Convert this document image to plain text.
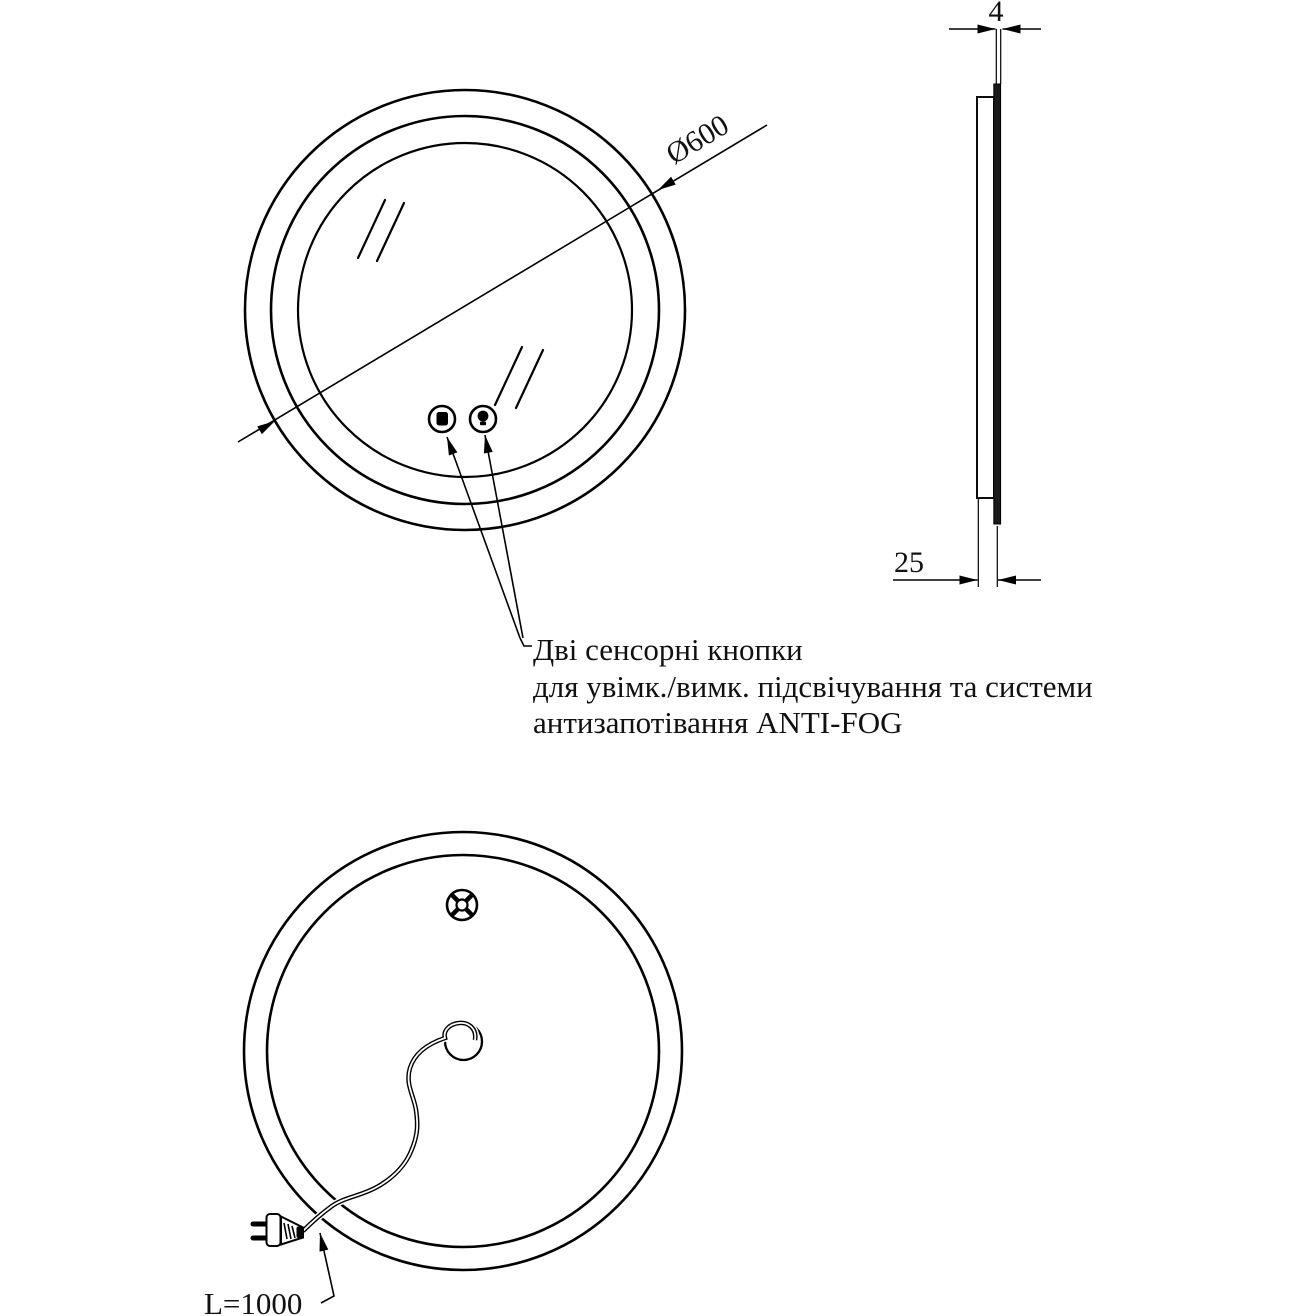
Ø600
4
25
Дві сенсорні кнопки
для увімк./вимк. підсвічування та системи
антизапотівання ANTI-FOG
L=1000
